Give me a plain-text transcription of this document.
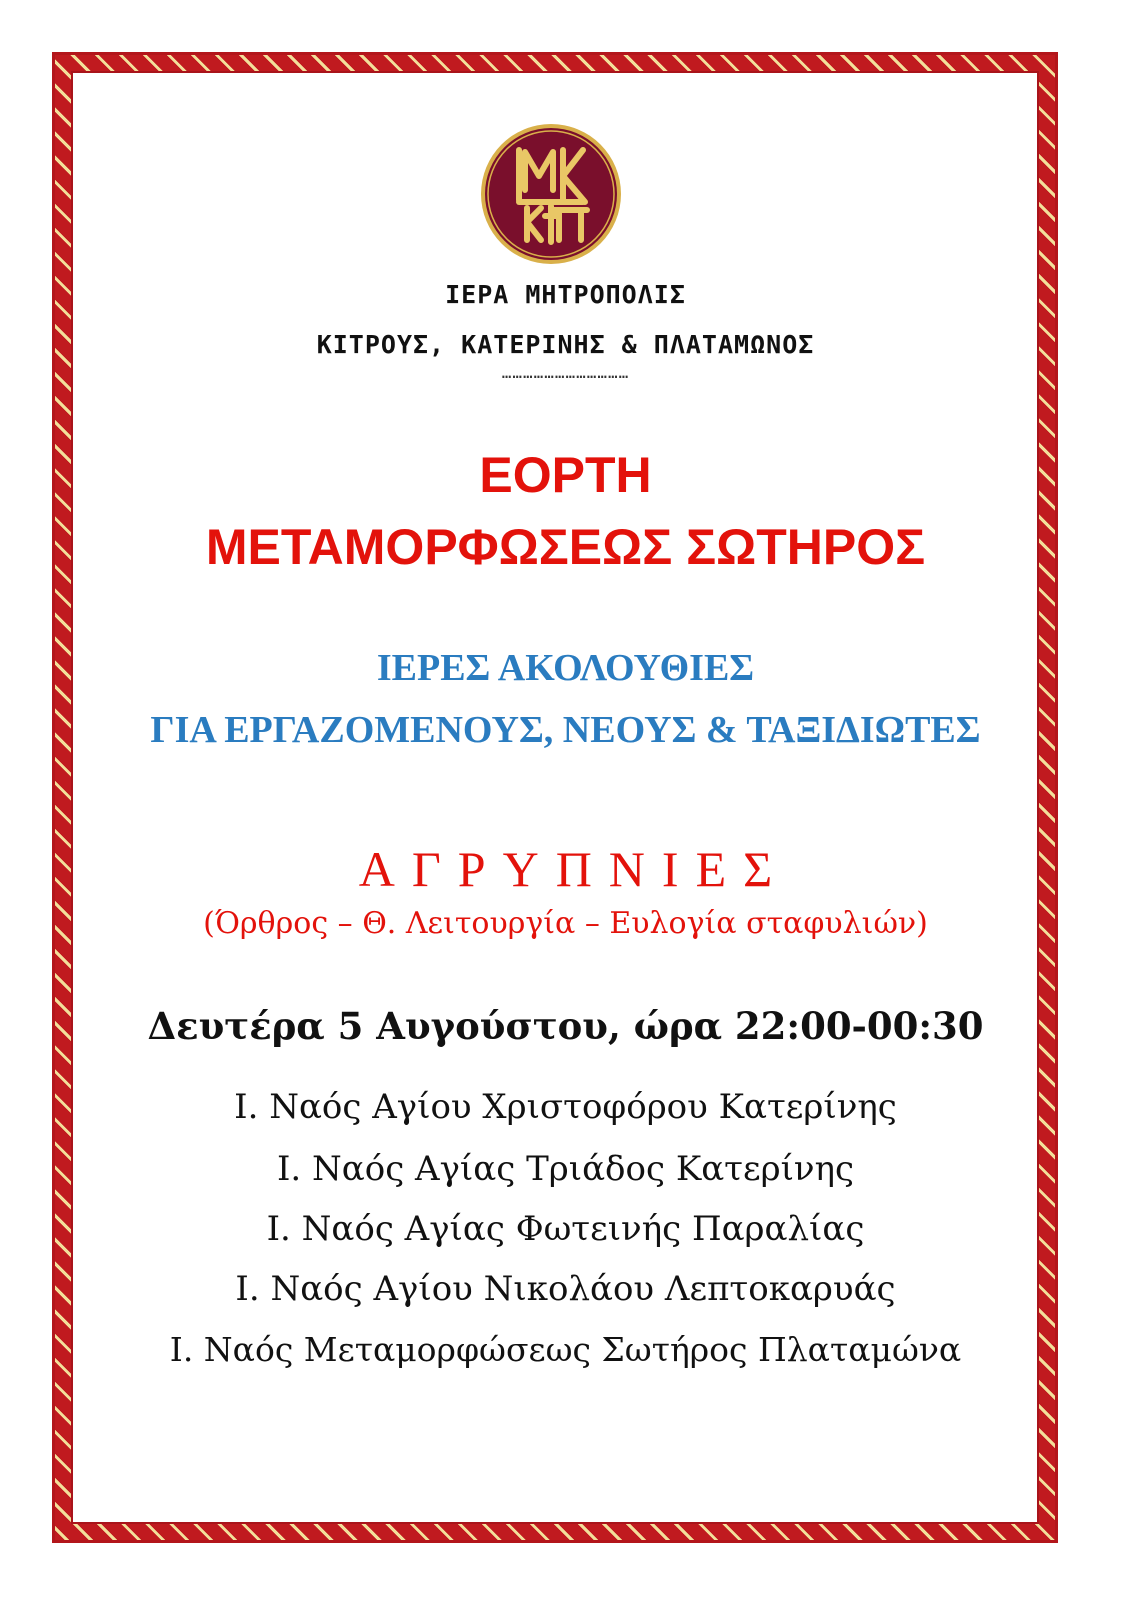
ΙΕΡΑ ΜΗΤΡΟΠΟΛΙΣ
ΚΙΤΡΟΥΣ, ΚΑΤΕΡΙΝΗΣ & ΠΛΑΤΑΜΩΝΟΣ
………………………………
ΕΟΡΤΗ
ΜΕΤΑΜΟΡΦΩΣΕΩΣ ΣΩΤΗΡΟΣ
ΙΕΡΕΣ ΑΚΟΛΟΥΘΙΕΣ
ΓΙΑ ΕΡΓΑΖΟΜΕΝΟΥΣ, ΝΕΟΥΣ & ΤΑΞΙΔΙΩΤΕΣ
ΑΓΡΥΠΝΙΕΣ
(Όρθρος – Θ. Λειτουργία – Ευλογία σταφυλιών)
Δευτέρα 5 Αυγούστου, ώρα 22:00-00:30
Ι. Ναός Αγίου Χριστοφόρου Κατερίνης
Ι. Ναός Αγίας Τριάδος Κατερίνης
Ι. Ναός Αγίας Φωτεινής Παραλίας
Ι. Ναός Αγίου Νικολάου Λεπτοκαρυάς
Ι. Ναός Μεταμορφώσεως Σωτήρος Πλαταμώνα
